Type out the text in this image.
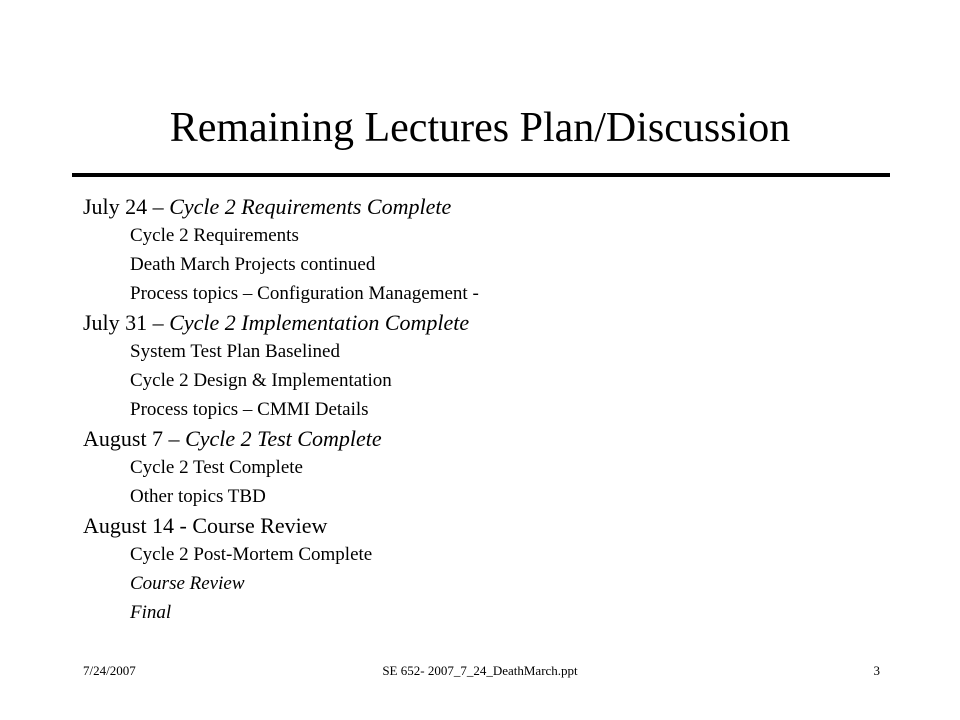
Remaining Lectures Plan/Discussion
July 24 – Cycle 2 Requirements Complete
Cycle 2 Requirements
Death March Projects continued
Process topics – Configuration Management -
July 31 – Cycle 2 Implementation Complete
System Test Plan Baselined
Cycle 2 Design & Implementation
Process topics – CMMI Details
August 7 – Cycle 2 Test Complete
Cycle 2 Test Complete
Other topics TBD
August 14 - Course Review
Cycle 2 Post-Mortem Complete
Course Review
Final
7/24/2007	SE 652- 2007_7_24_DeathMarch.ppt	3
